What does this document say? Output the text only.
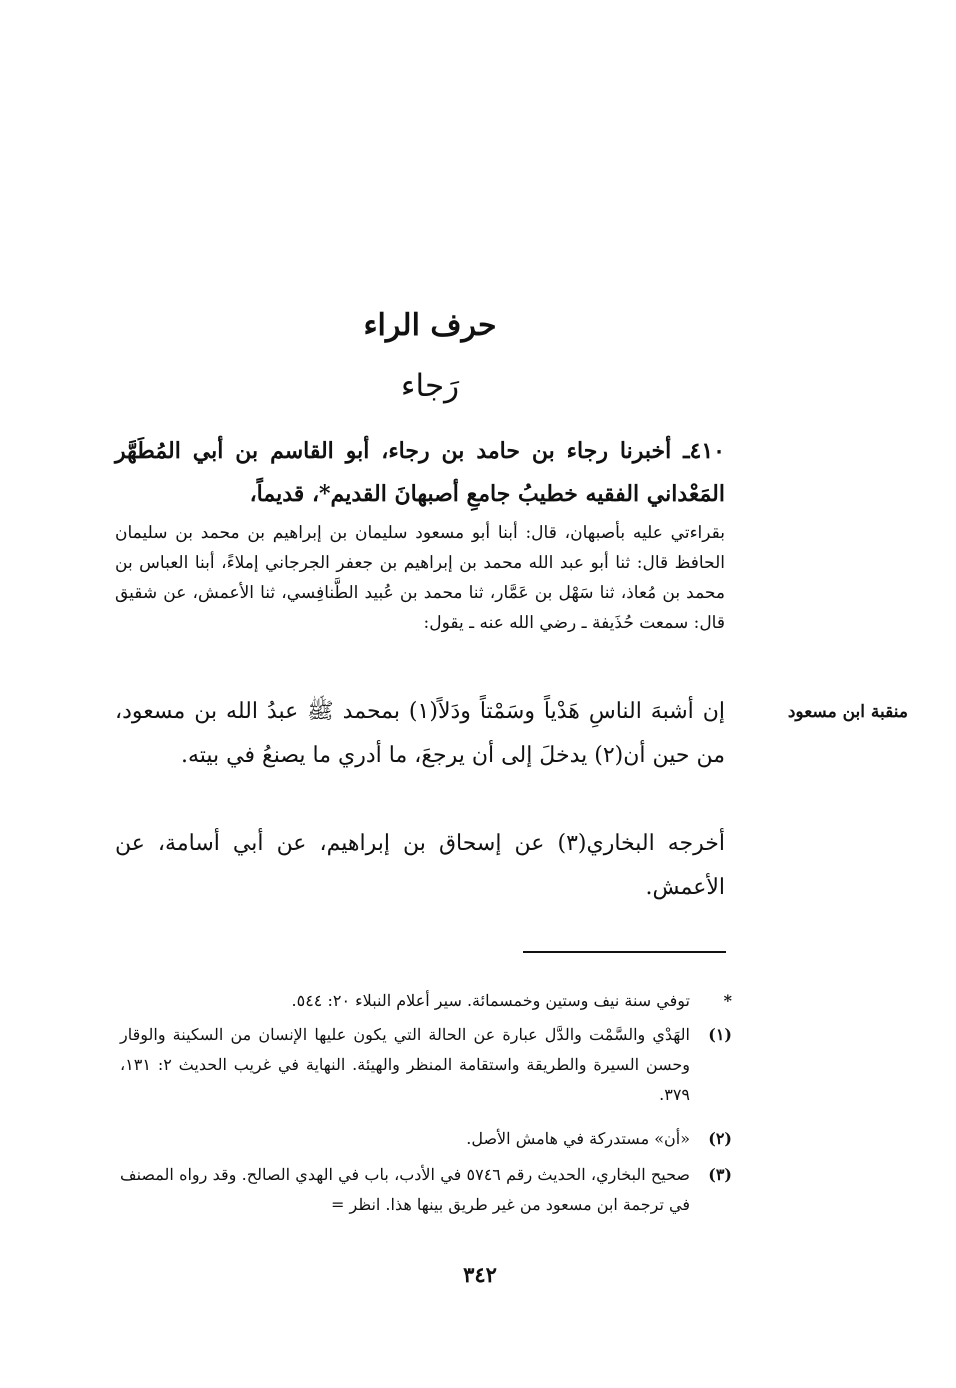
حرف الراء
رَجاء
٤١٠ـ أخبرنا رجاء بن حامد بن رجاء، أبو القاسم بن أبي المُطَهَّر المَعْداني الفقيه خطيبُ جامعِ أصبهانَ القديم*، قديماً،
بقراءتي عليه بأصبهان، قال: أبنا أبو مسعود سليمان بن إبراهيم بن محمد بن سليمان الحافظ قال: ثنا أبو عبد الله محمد بن إبراهيم بن جعفر الجرجاني إملاءً، أبنا العباس بن محمد بن مُعاذ، ثنا سَهْل بن عَمَّار، ثنا محمد بن عُبيد الطَّنافِسي، ثنا الأعمش، عن شقيق قال: سمعت حُذَيفة ـ رضي الله عنه ـ يقول:
منقبة ابن مسعود
إن أشبهَ الناسِ هَدْياً وسَمْتاً ودَلاً(١) بمحمد ﷺ عبدُ الله بن مسعود، من حين أن(٢) يدخلَ إلى أن يرجعَ، ما أدري ما يصنعُ في بيته.
أخرجه البخاري(٣) عن إسحاق بن إبراهيم، عن أبي أسامة، عن الأعمش.
*توفي سنة نيف وستين وخمسمائة. سير أعلام النبلاء ٢٠: ٥٤٤.
(١)الهَدْي والسَّمْت والدَّل عبارة عن الحالة التي يكون عليها الإنسان من السكينة والوقار وحسن السيرة والطريقة واستقامة المنظر والهيئة. النهاية في غريب الحديث ٢: ١٣١، ٣٧٩.
(٢)«أن» مستدركة في هامش الأصل.
(٣)صحيح البخاري، الحديث رقم ٥٧٤٦ في الأدب، باب في الهدي الصالح. وقد رواه المصنف في ترجمة ابن مسعود من غير طريق بينها هذا. انظر =
٣٤٢
